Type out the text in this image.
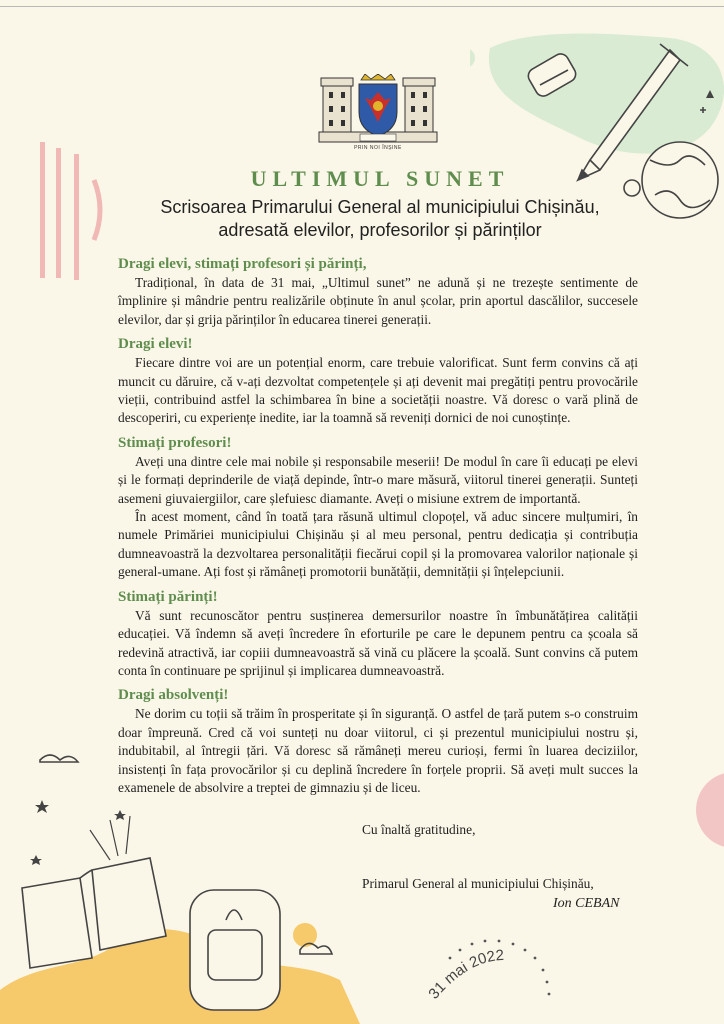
PRIN NOI ÎNȘINE
ULTIMUL SUNET
Scrisoarea Primarului General al municipiului Chișinău,
adresată elevilor, profesorilor și părinților

Dragi elevi, stimați profesori și părinți,

Tradițional, în data de 31 mai, „Ultimul sunet” ne adună și ne trezește sentimente de împlinire și mândrie pentru realizările obținute în anul școlar, prin aportul dascălilor, succesele elevilor, dar și grija părinților în educarea tinerei generații.

Dragi elevi!

Fiecare dintre voi are un potențial enorm, care trebuie valorificat. Sunt ferm convins că ați muncit cu dăruire, că v-ați dezvoltat competențele și ați devenit mai pregătiți pentru provocările vieții, contribuind astfel la schimbarea în bine a societății noastre. Vă doresc o vară plină de descoperiri, cu experiențe inedite, iar la toamnă să reveniți dornici de noi cunoștințe.

Stimați profesori!

Aveți una dintre cele mai nobile și responsabile meserii! De modul în care îi educați pe elevi și le formați deprinderile de viață depinde, într-o mare măsură, viitorul tinerei generații. Sunteți asemeni giuvaiergiilor, care șlefuiesc diamante. Aveți o misiune extrem de importantă.

În acest moment, când în toată țara răsună ultimul clopoțel, vă aduc sincere mulțumiri, în numele Primăriei municipiului Chișinău și al meu personal, pentru dedicația și contribuția dumneavoastră la dezvoltarea personalității fiecărui copil și la promovarea valorilor naționale și general-umane. Ați fost și rămâneți promotorii bunătății, demnității și înțelepciunii.

Stimați părinți!

Vă sunt recunoscător pentru susținerea demersurilor noastre în îmbunătățirea calității educației. Vă îndemn să aveți încredere în eforturile pe care le depunem pentru ca școala să redevină atractivă, iar copiii dumneavoastră să vină cu plăcere la școală. Sunt convins că putem conta în continuare pe sprijinul și implicarea dumneavoastră.

Dragi absolvenți!

Ne dorim cu toții să trăim în prosperitate și în siguranță. O astfel de țară putem s-o construim doar împreună. Cred că voi sunteți nu doar viitorul, ci și prezentul municipiului nostru și, indubitabil, al întregii țări. Vă doresc să rămâneți mereu curioși, fermi în luarea deciziilor, insistenți în fața provocărilor și cu deplină încredere în forțele proprii. Să aveți mult succes la examenele de absolvire a treptei de gimnaziu și de liceu.

Cu înaltă gratitudine,
Primarul General al municipiului Chișinău,
Ion CEBAN
31 mai 2022
